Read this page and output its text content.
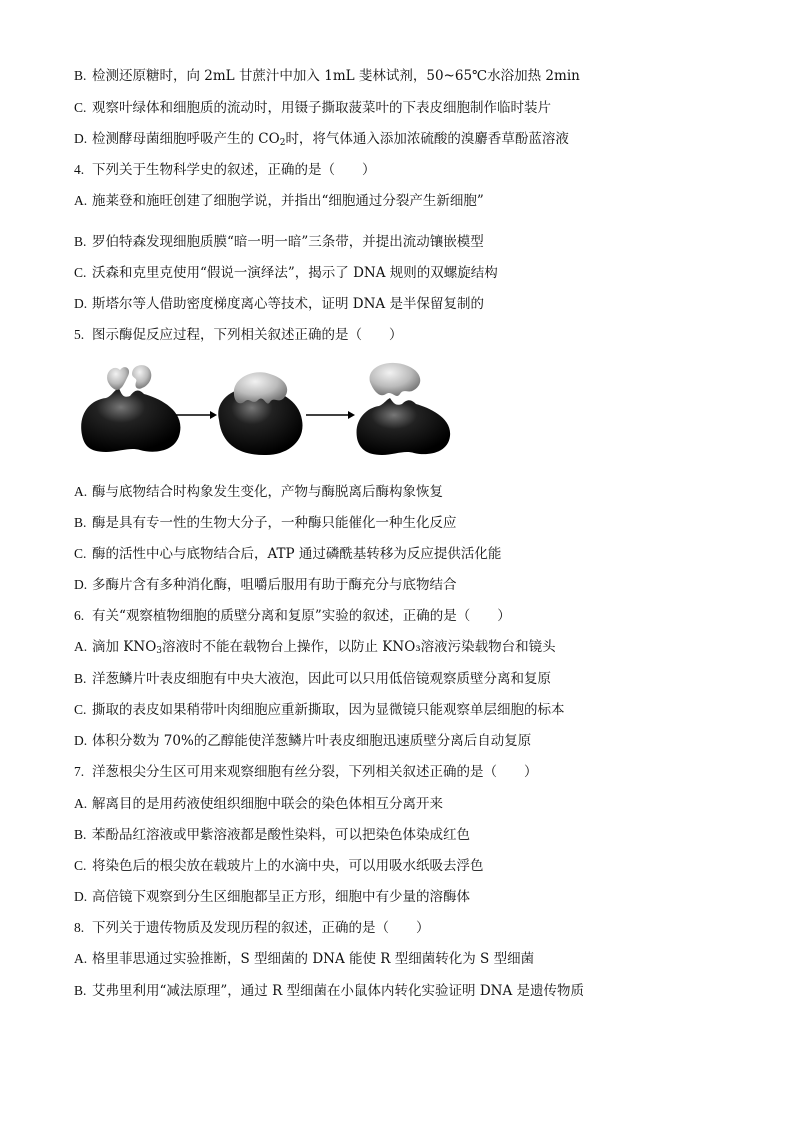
B. 检测还原糖时，向 2mL 甘蔗汁中加入 1mL 斐林试剂，50~65℃水浴加热 2min
C. 观察叶绿体和细胞质的流动时，用镊子撕取菠菜叶的下表皮细胞制作临时装片
D. 检测酵母菌细胞呼吸产生的 $CO_2$时，将气体通入添加浓硫酸的溴麝香草酚蓝溶液
4. 下列关于生物科学史的叙述，正确的是（　　）
A. 施莱登和施旺创建了细胞学说，并指出“细胞通过分裂产生新细胞”
B. 罗伯特森发现细胞质膜“暗一明一暗”三条带，并提出流动镶嵌模型
C. 沃森和克里克使用“假说一演绎法”，揭示了 DNA 规则的双螺旋结构
D. 斯塔尔等人借助密度梯度离心等技术，证明 DNA 是半保留复制的
5. 图示酶促反应过程，下列相关叙述正确的是（　　）
A. 酶与底物结合时构象发生变化，产物与酶脱离后酶构象恢复
B. 酶是具有专一性的生物大分子，一种酶只能催化一种生化反应
C. 酶的活性中心与底物结合后，ATP 通过磷酰基转移为反应提供活化能
D. 多酶片含有多种消化酶，咀嚼后服用有助于酶充分与底物结合
6. 有关“观察植物细胞的质壁分离和复原”实验的叙述，正确的是（　　）
A. 滴加 $KNO_3$溶液时不能在载物台上操作，以防止 KNO₃溶液污染载物台和镜头
B. 洋葱鳞片叶表皮细胞有中央大液泡，因此可以只用低倍镜观察质壁分离和复原
C. 撕取的表皮如果稍带叶肉细胞应重新撕取，因为显微镜只能观察单层细胞的标本
D. 体积分数为 70%的乙醇能使洋葱鳞片叶表皮细胞迅速质壁分离后自动复原
7. 洋葱根尖分生区可用来观察细胞有丝分裂，下列相关叙述正确的是（　　）
A. 解离目的是用药液使组织细胞中联会的染色体相互分离开来
B. 苯酚品红溶液或甲紫溶液都是酸性染料，可以把染色体染成红色
C. 将染色后的根尖放在载玻片上的水滴中央，可以用吸水纸吸去浮色
D. 高倍镜下观察到分生区细胞都呈正方形，细胞中有少量的溶酶体
8. 下列关于遗传物质及发现历程的叙述，正确的是（　　）
A. 格里菲思通过实验推断，S 型细菌的 DNA 能使 R 型细菌转化为 S 型细菌
B. 艾弗里利用“减法原理”，通过 R 型细菌在小鼠体内转化实验证明 DNA 是遗传物质
